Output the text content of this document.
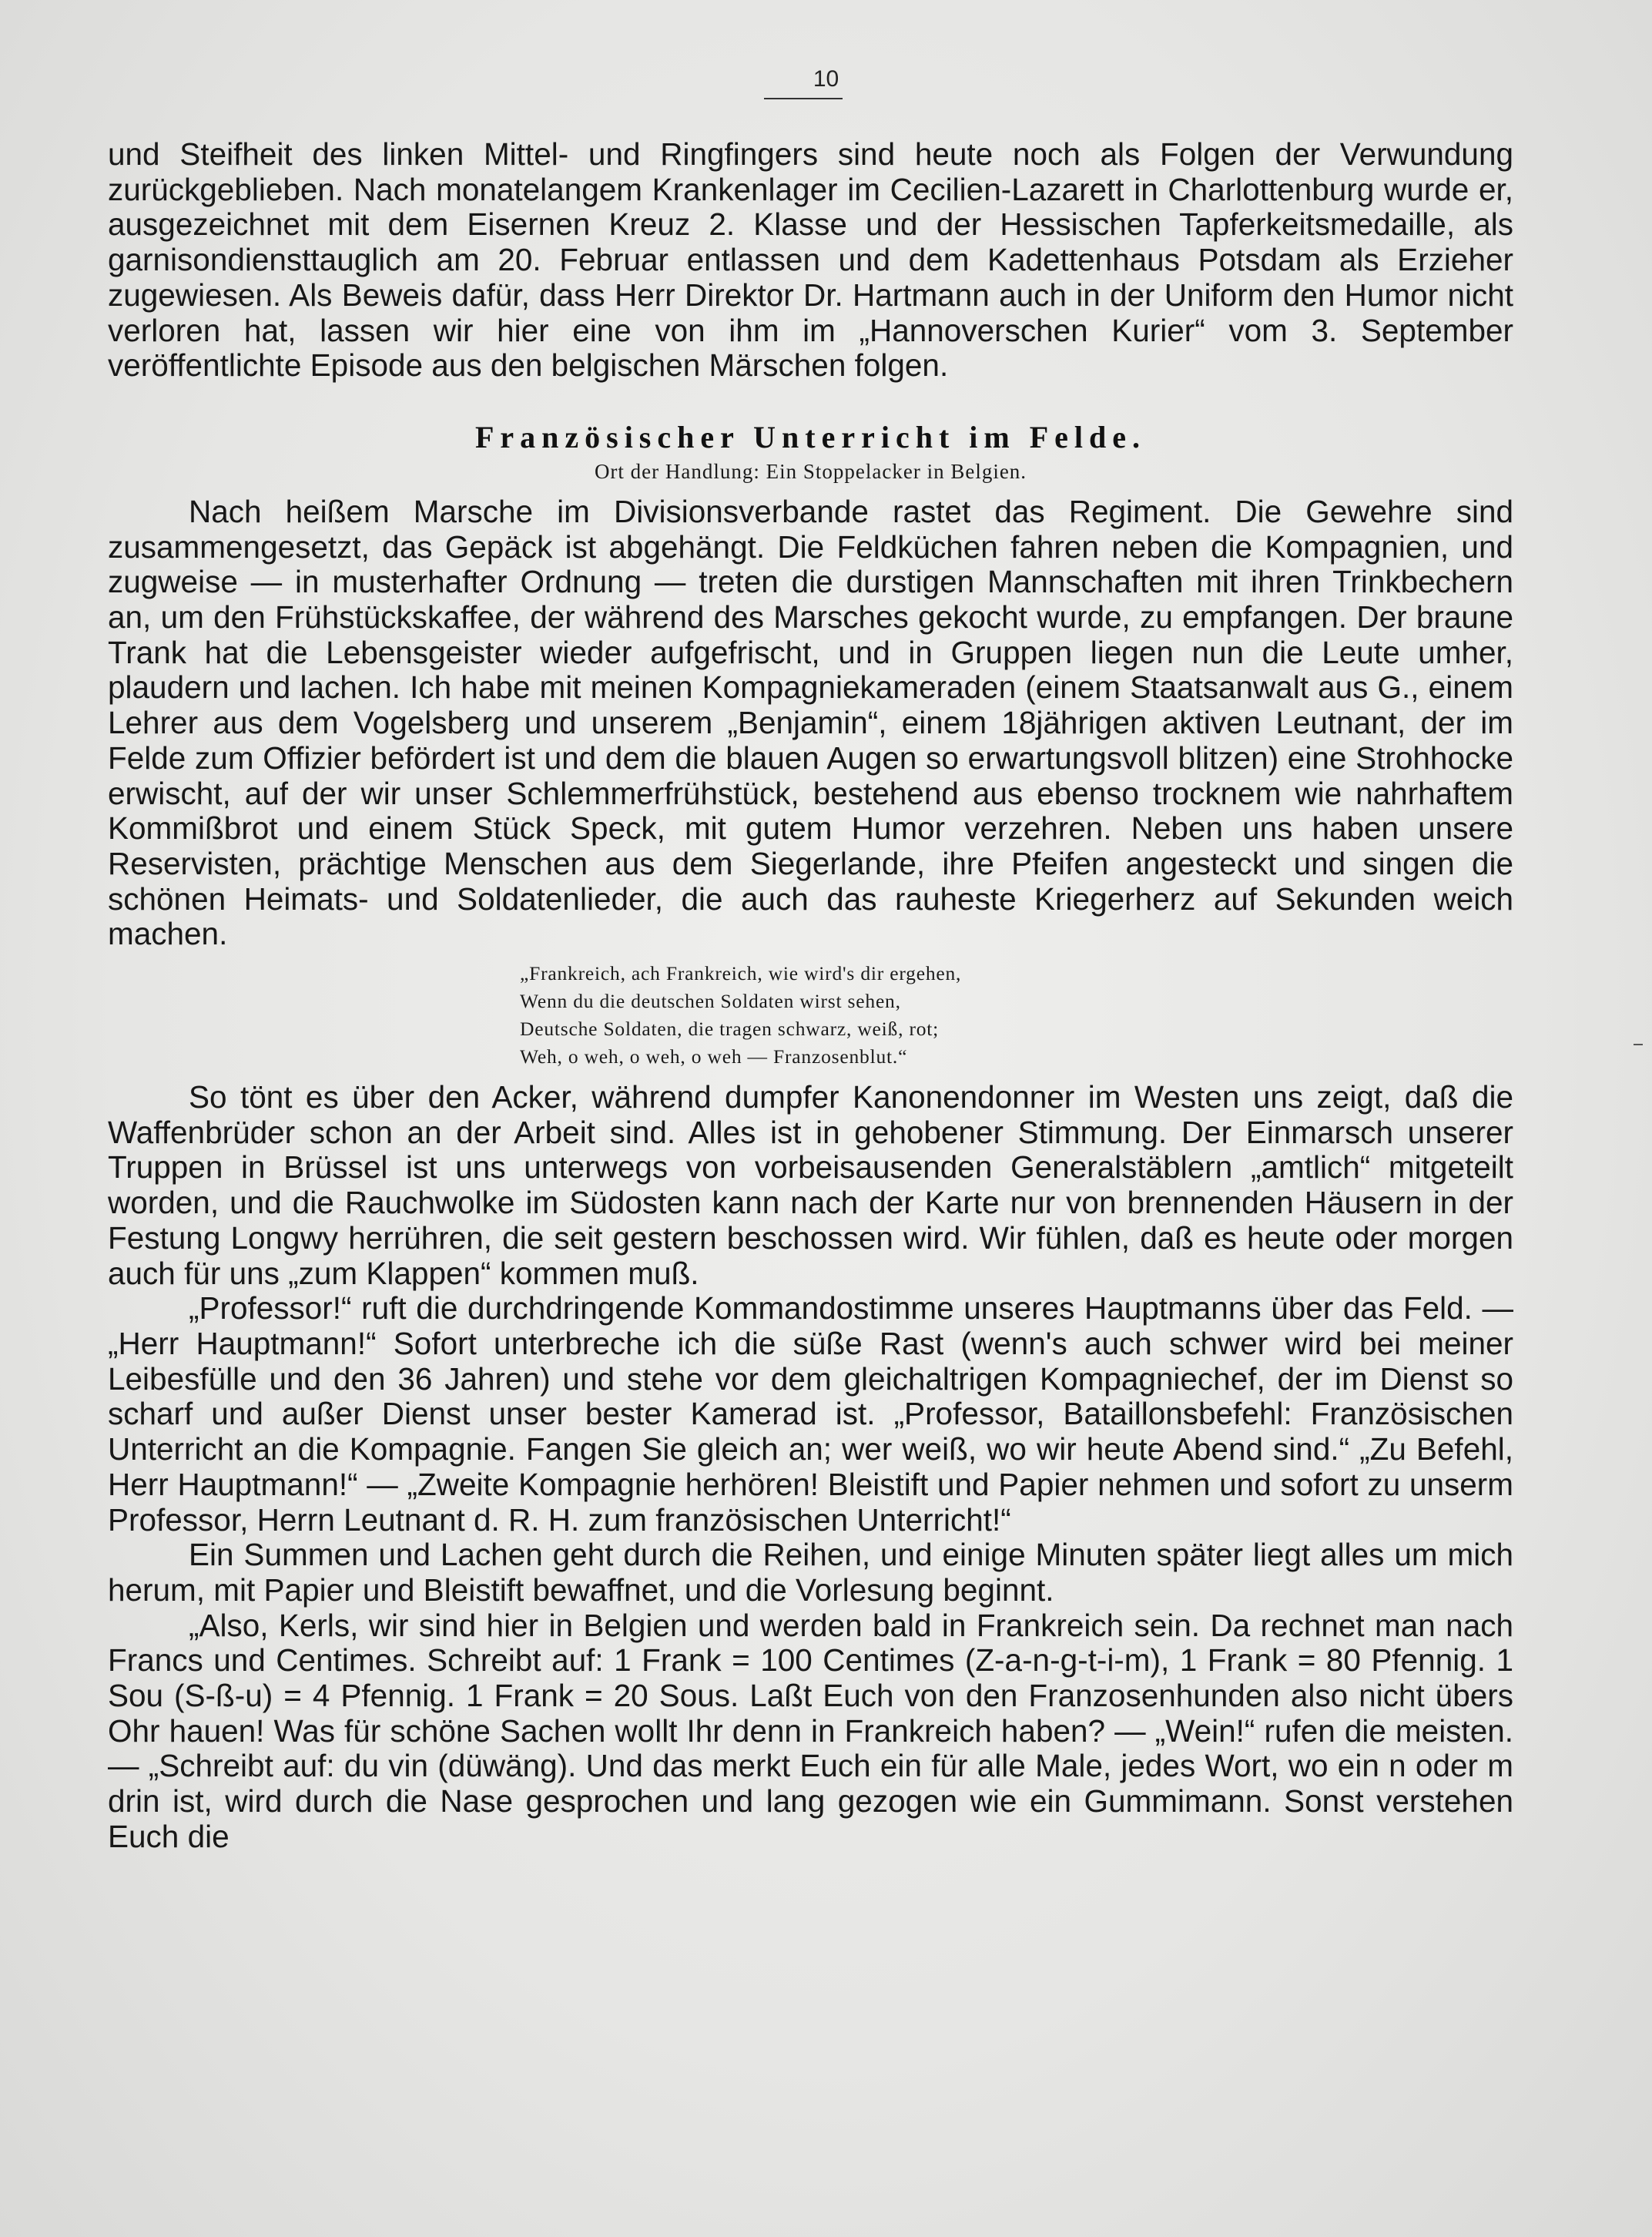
10

und Steifheit des linken Mittel- und Ringfingers sind heute noch als Folgen der Verwundung zurückgeblieben. Nach monatelangem Krankenlager im Cecilien-Lazarett in Charlottenburg wurde er, ausgezeichnet mit dem Eisernen Kreuz 2. Klasse und der Hessischen Tapferkeitsmedaille, als garnisondiensttauglich am 20. Februar entlassen und dem Kadettenhaus Potsdam als Erzieher zugewiesen. Als Beweis dafür, dass Herr Direktor Dr. Hartmann auch in der Uniform den Humor nicht verloren hat, lassen wir hier eine von ihm im „Hannoverschen Kurier“ vom 3. September veröffentlichte Episode aus den belgischen Märschen folgen.

Französischer Unterricht im Felde.
Ort der Handlung: Ein Stoppelacker in Belgien.

Nach heißem Marsche im Divisionsverbande rastet das Regiment. Die Gewehre sind zusammengesetzt, das Gepäck ist abgehängt. Die Feldküchen fahren neben die Kompagnien, und zugweise — in musterhafter Ordnung — treten die durstigen Mannschaften mit ihren Trinkbechern an, um den Frühstückskaffee, der während des Marsches gekocht wurde, zu empfangen. Der braune Trank hat die Lebensgeister wieder aufgefrischt, und in Gruppen liegen nun die Leute umher, plaudern und lachen. Ich habe mit meinen Kompagniekameraden (einem Staatsanwalt aus G., einem Lehrer aus dem Vogelsberg und unserem „Benjamin“, einem 18jährigen aktiven Leutnant, der im Felde zum Offizier befördert ist und dem die blauen Augen so erwartungsvoll blitzen) eine Strohhocke erwischt, auf der wir unser Schlemmerfrühstück, bestehend aus ebenso trocknem wie nahrhaftem Kommißbrot und einem Stück Speck, mit gutem Humor verzehren. Neben uns haben unsere Reservisten, prächtige Menschen aus dem Siegerlande, ihre Pfeifen angesteckt und singen die schönen Heimats- und Soldatenlieder, die auch das rauheste Kriegerherz auf Sekunden weich machen.

„Frankreich, ach Frankreich, wie wird's dir ergehen,
Wenn du die deutschen Soldaten wirst sehen,
Deutsche Soldaten, die tragen schwarz, weiß, rot;
Weh, o weh, o weh, o weh — Franzosenblut.“

So tönt es über den Acker, während dumpfer Kanonendonner im Westen uns zeigt, daß die Waffenbrüder schon an der Arbeit sind. Alles ist in gehobener Stimmung. Der Einmarsch unserer Truppen in Brüssel ist uns unterwegs von vorbeisausenden Generalstäblern „amtlich“ mitgeteilt worden, und die Rauchwolke im Südosten kann nach der Karte nur von brennenden Häusern in der Festung Longwy herrühren, die seit gestern beschossen wird. Wir fühlen, daß es heute oder morgen auch für uns „zum Klappen“ kommen muß.

„Professor!“ ruft die durchdringende Kommandostimme unseres Hauptmanns über das Feld. — „Herr Hauptmann!“ Sofort unterbreche ich die süße Rast (wenn's auch schwer wird bei meiner Leibesfülle und den 36 Jahren) und stehe vor dem gleichaltrigen Kompagniechef, der im Dienst so scharf und außer Dienst unser bester Kamerad ist. „Professor, Bataillonsbefehl: Französischen Unterricht an die Kompagnie. Fangen Sie gleich an; wer weiß, wo wir heute Abend sind.“ „Zu Befehl, Herr Hauptmann!“ — „Zweite Kompagnie herhören! Bleistift und Papier nehmen und sofort zu unserm Professor, Herrn Leutnant d. R. H. zum französischen Unterricht!“

Ein Summen und Lachen geht durch die Reihen, und einige Minuten später liegt alles um mich herum, mit Papier und Bleistift bewaffnet, und die Vorlesung beginnt.

„Also, Kerls, wir sind hier in Belgien und werden bald in Frankreich sein. Da rechnet man nach Francs und Centimes. Schreibt auf: 1 Frank = 100 Centimes (Z-a-n-g-t-i-m), 1 Frank = 80 Pfennig. 1 Sou (S-ß-u) = 4 Pfennig. 1 Frank = 20 Sous. Laßt Euch von den Franzosenhunden also nicht übers Ohr hauen! Was für schöne Sachen wollt Ihr denn in Frankreich haben? — „Wein!“ rufen die meisten. — „Schreibt auf: du vin (düwäng). Und das merkt Euch ein für alle Male, jedes Wort, wo ein n oder m drin ist, wird durch die Nase gesprochen und lang gezogen wie ein Gummimann. Sonst verstehen Euch die
